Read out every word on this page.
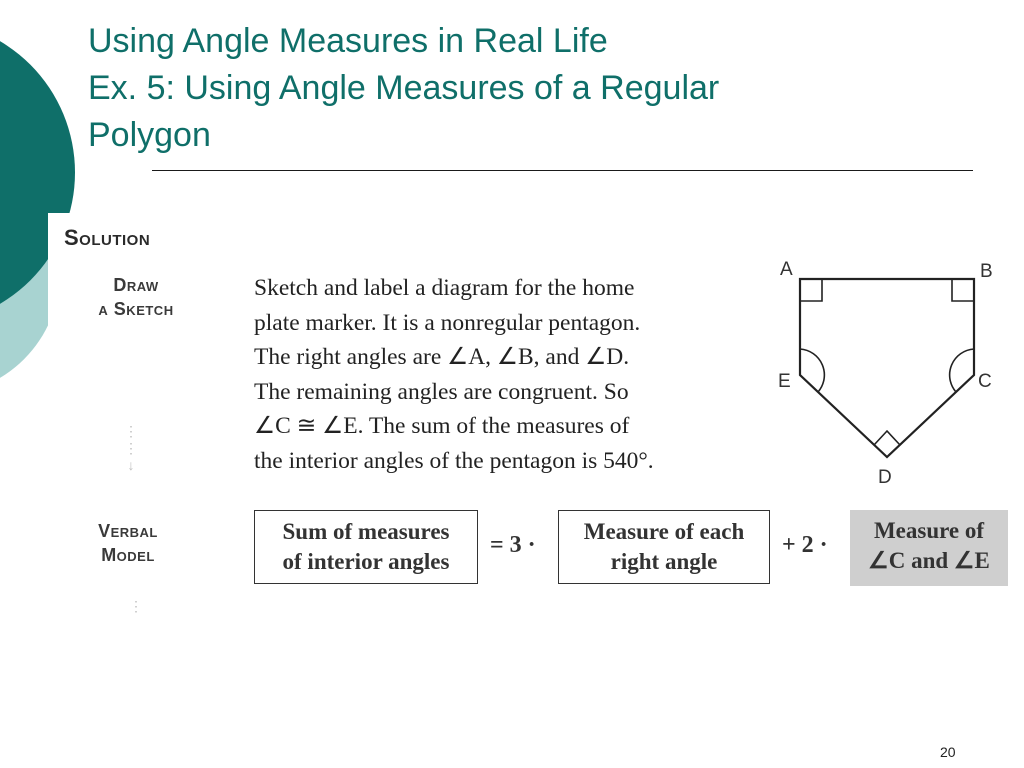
Using Angle Measures in Real Life
Ex. 5: Using Angle Measures of a Regular
Polygon
Solution
Draw
a Sketch
⋮
⋮
↓
Verbal
Model
⋮
Sketch and label a diagram for the home
plate marker. It is a nonregular pentagon.
The right angles are ∠A, ∠B, and ∠D.
The remaining angles are congruent. So
∠C ≅ ∠E. The sum of the measures of
the interior angles of the pentagon is 540°.
A	B
E	C
D
Sum of measures
of interior angles
= 3 ·
Measure of each
right angle
+ 2 ·
Measure of
∠C and ∠E
20
